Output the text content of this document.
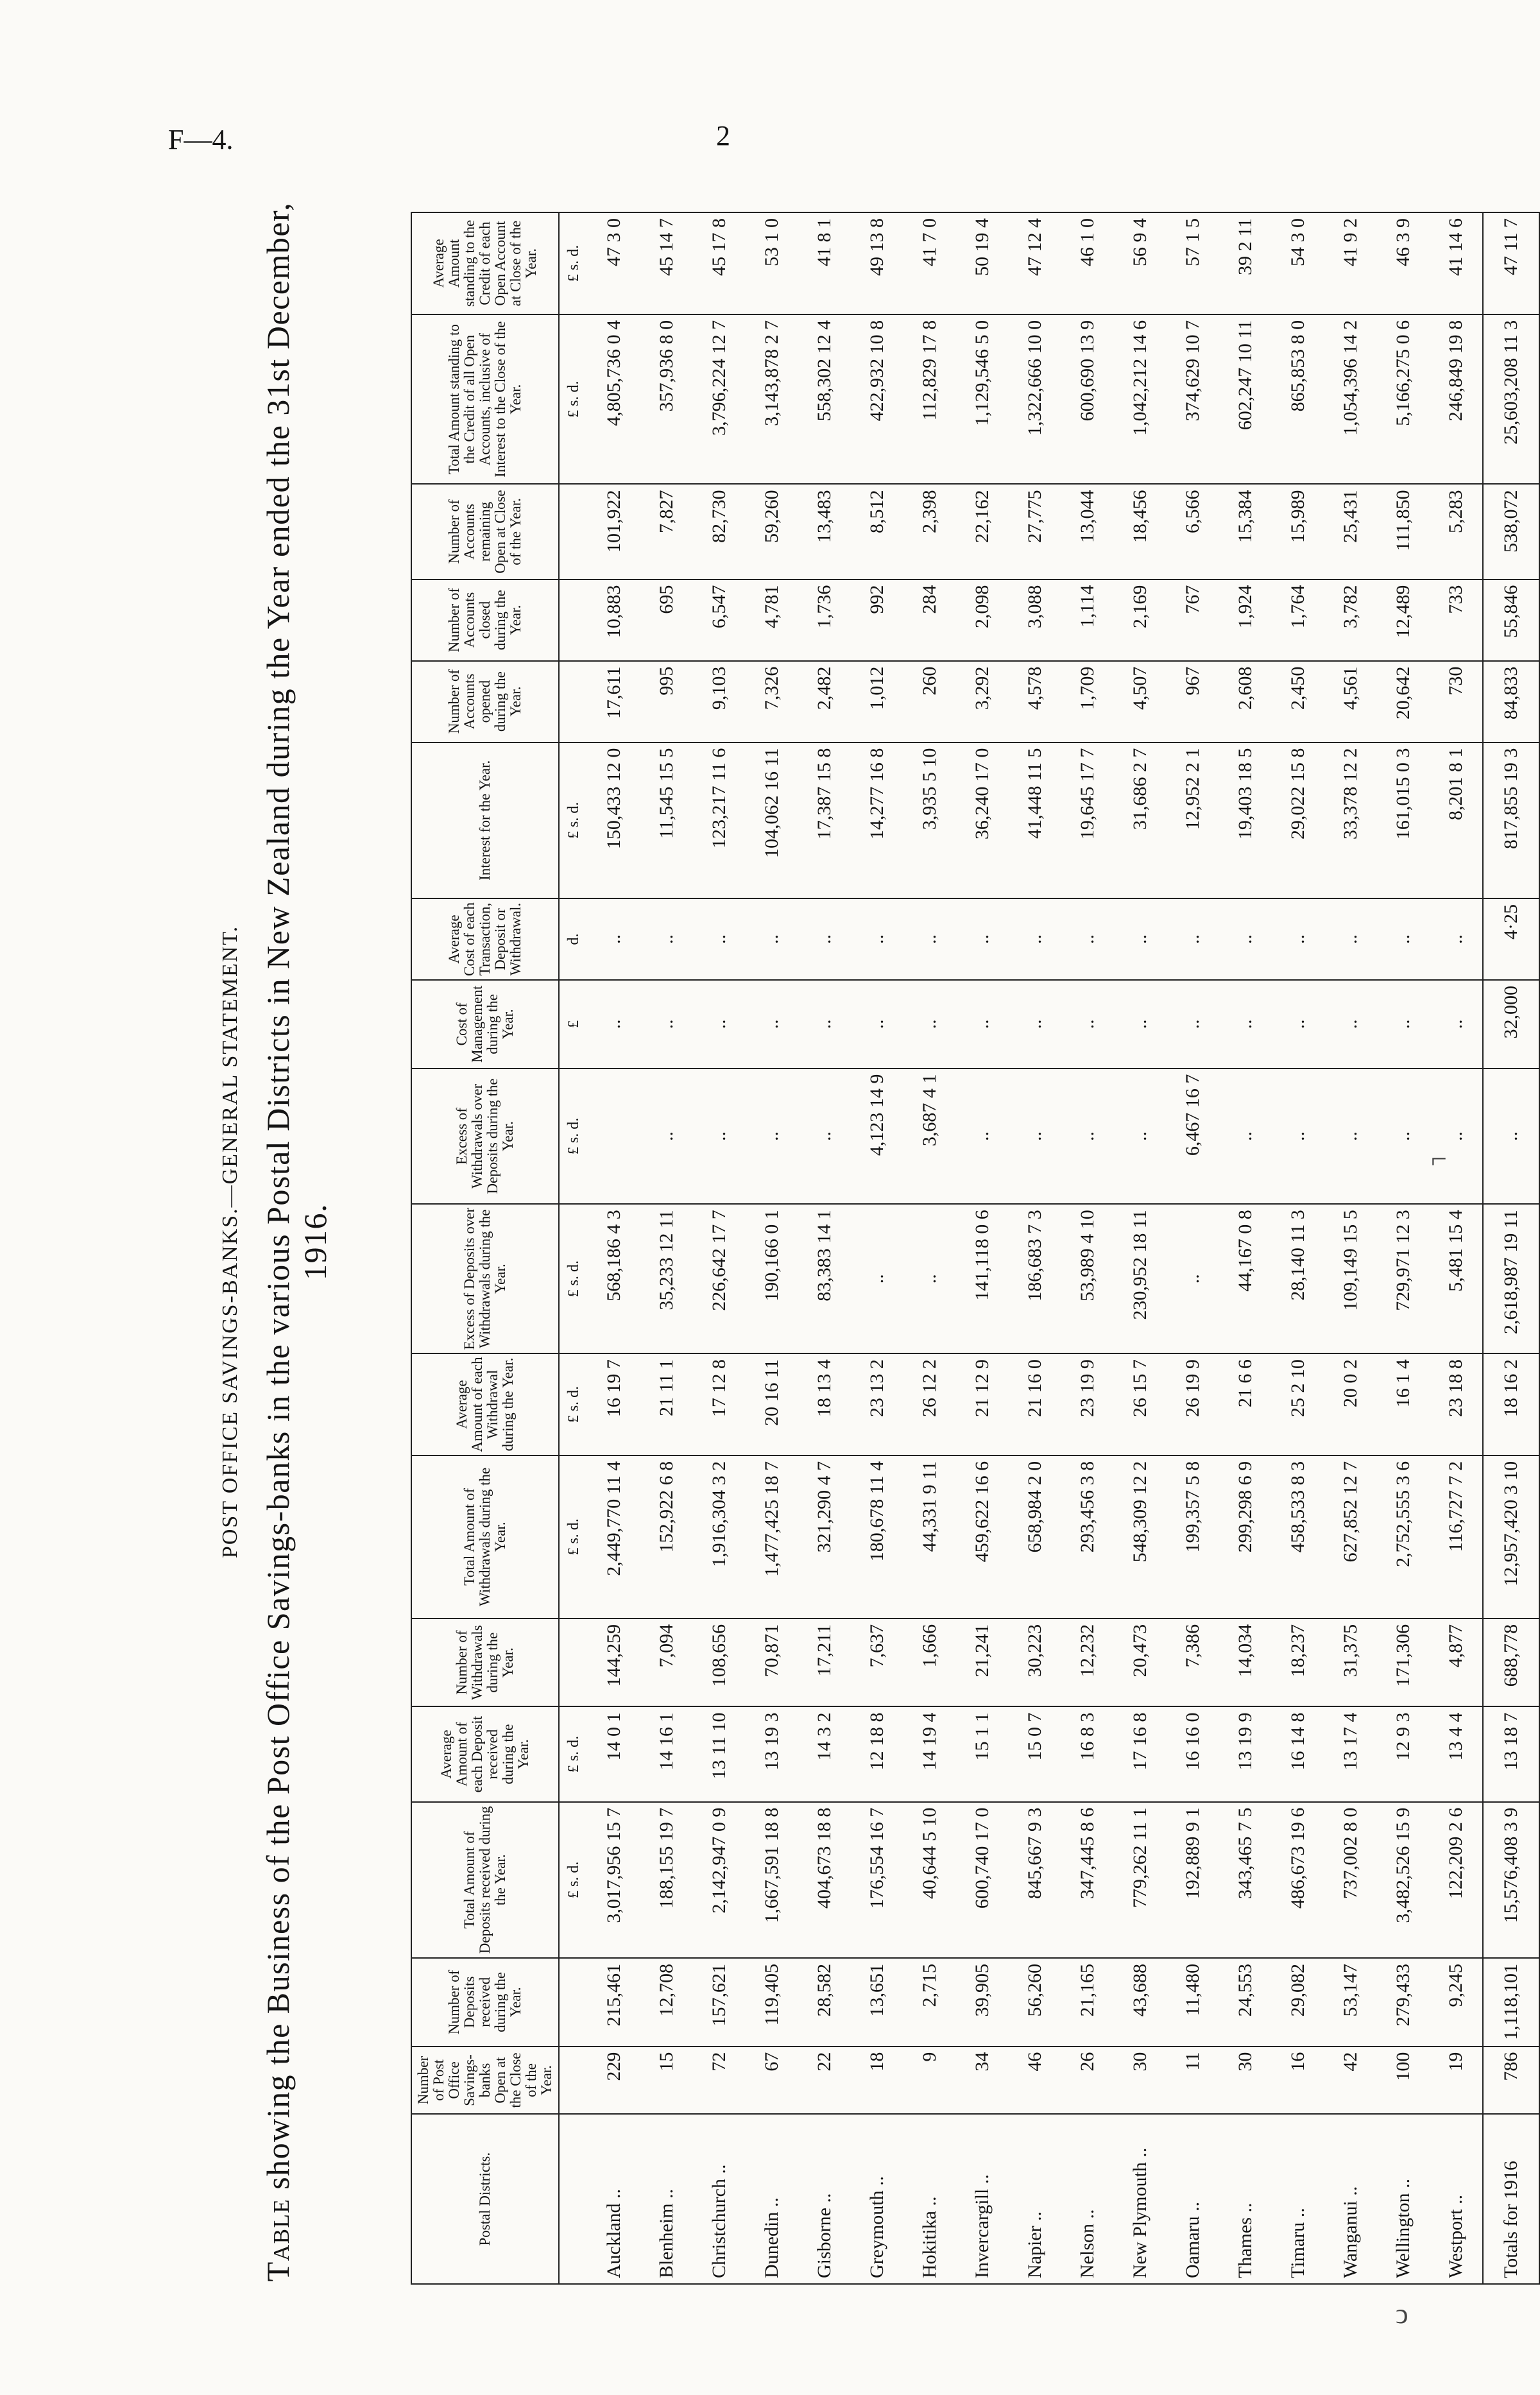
F—4.	2
POST OFFICE SAVINGS-BANKS.—GENERAL STATEMENT.
Table showing the Business of the Post Office Savings-banks in the various Postal Districts in New Zealand during the Year ended the 31st December, 1916.
Postal Districts.	Number of Post Office Savings-banks Open at the Close of the Year.	Number of Deposits received during the Year.	Total Amount of Deposits received during the Year.	Average Amount of each Deposit received during the Year.	Number of Withdrawals during the Year.	Total Amount of Withdrawals during the Year.	Average Amount of each Withdrawal during the Year.	Excess of Deposits over Withdrawals during the Year.	Excess of Withdrawals over Deposits during the Year.	Cost of Management during the Year.	Average Cost of each Transaction, Deposit or Withdrawal.	Interest for the Year.	Number of Accounts opened during the Year.	Number of Accounts closed during the Year.	Number of Accounts remaining Open at Close of the Year.	Total Amount standing to the Credit of all Open Accounts, inclusive of Interest to the Close of the Year.	Average Amount standing to the Credit of each Open Account at Close of the Year.
			£ s. d.	£ s. d.		£ s. d.	£ s. d.	£ s. d.	£ s. d.	£	d.	£ s. d.				£ s. d.	£ s. d.
Auckland ..	229	215,461	3,017,956 15 7	14 0 1	144,259	2,449,770 11 4	16 19 7	568,186 4 3		..	..	150,433 12 0	17,611	10,883	101,922	4,805,736 0 4	47 3 0
Blenheim ..	15	12,708	188,155 19 7	14 16 1	7,094	152,922 6 8	21 11 1	35,233 12 11	..	..	..	11,545 15 5	995	695	7,827	357,936 8 0	45 14 7
Christchurch ..	72	157,621	2,142,947 0 9	13 11 10	108,656	1,916,304 3 2	17 12 8	226,642 17 7	..	..	..	123,217 11 6	9,103	6,547	82,730	3,796,224 12 7	45 17 8
Dunedin ..	67	119,405	1,667,591 18 8	13 19 3	70,871	1,477,425 18 7	20 16 11	190,166 0 1	..	..	..	104,062 16 11	7,326	4,781	59,260	3,143,878 2 7	53 1 0
Gisborne ..	22	28,582	404,673 18 8	14 3 2	17,211	321,290 4 7	18 13 4	83,383 14 1	..	..	..	17,387 15 8	2,482	1,736	13,483	558,302 12 4	41 8 1
Greymouth ..	18	13,651	176,554 16 7	12 18 8	7,637	180,678 11 4	23 13 2	..	4,123 14 9	..	..	14,277 16 8	1,012	992	8,512	422,932 10 8	49 13 8
Hokitika ..	9	2,715	40,644 5 10	14 19 4	1,666	44,331 9 11	26 12 2	..	3,687 4 1	..	..	3,935 5 10	260	284	2,398	112,829 17 8	41 7 0
Invercargill ..	34	39,905	600,740 17 0	15 1 1	21,241	459,622 16 6	21 12 9	141,118 0 6	..	..	..	36,240 17 0	3,292	2,098	22,162	1,129,546 5 0	50 19 4
Napier ..	46	56,260	845,667 9 3	15 0 7	30,223	658,984 2 0	21 16 0	186,683 7 3	..	..	..	41,448 11 5	4,578	3,088	27,775	1,322,666 10 0	47 12 4
Nelson ..	26	21,165	347,445 8 6	16 8 3	12,232	293,456 3 8	23 19 9	53,989 4 10	..	..	..	19,645 17 7	1,709	1,114	13,044	600,690 13 9	46 1 0
New Plymouth ..	30	43,688	779,262 11 1	17 16 8	20,473	548,309 12 2	26 15 7	230,952 18 11	..	..	..	31,686 2 7	4,507	2,169	18,456	1,042,212 14 6	56 9 4
Oamaru ..	11	11,480	192,889 9 1	16 16 0	7,386	199,357 5 8	26 19 9	..	6,467 16 7	..	..	12,952 2 1	967	767	6,566	374,629 10 7	57 1 5
Thames ..	30	24,553	343,465 7 5	13 19 9	14,034	299,298 6 9	21 6 6	44,167 0 8	..	..	..	19,403 18 5	2,608	1,924	15,384	602,247 10 11	39 2 11
Timaru ..	16	29,082	486,673 19 6	16 14 8	18,237	458,533 8 3	25 2 10	28,140 11 3	..	..	..	29,022 15 8	2,450	1,764	15,989	865,853 8 0	54 3 0
Wanganui ..	42	53,147	737,002 8 0	13 17 4	31,375	627,852 12 7	20 0 2	109,149 15 5	..	..	..	33,378 12 2	4,561	3,782	25,431	1,054,396 14 2	41 9 2
Wellington ..	100	279,433	3,482,526 15 9	12 9 3	171,306	2,752,555 3 6	16 1 4	729,971 12 3	..	..	..	161,015 0 3	20,642	12,489	111,850	5,166,275 0 6	46 3 9
Westport ..	19	9,245	122,209 2 6	13 4 4	4,877	116,727 7 2	23 18 8	5,481 15 4	..	..	..	8,201 8 1	730	733	5,283	246,849 19 8	41 14 6
Totals for 1916	786	1,118,101	15,576,408 3 9	13 18 7	688,778	12,957,420 3 10	18 16 2	2,618,987 19 11	..	32,000	4·25	817,855 19 3	84,833	55,846	538,072	25,603,208 11 3	47 11 7
⌐
ↄ
